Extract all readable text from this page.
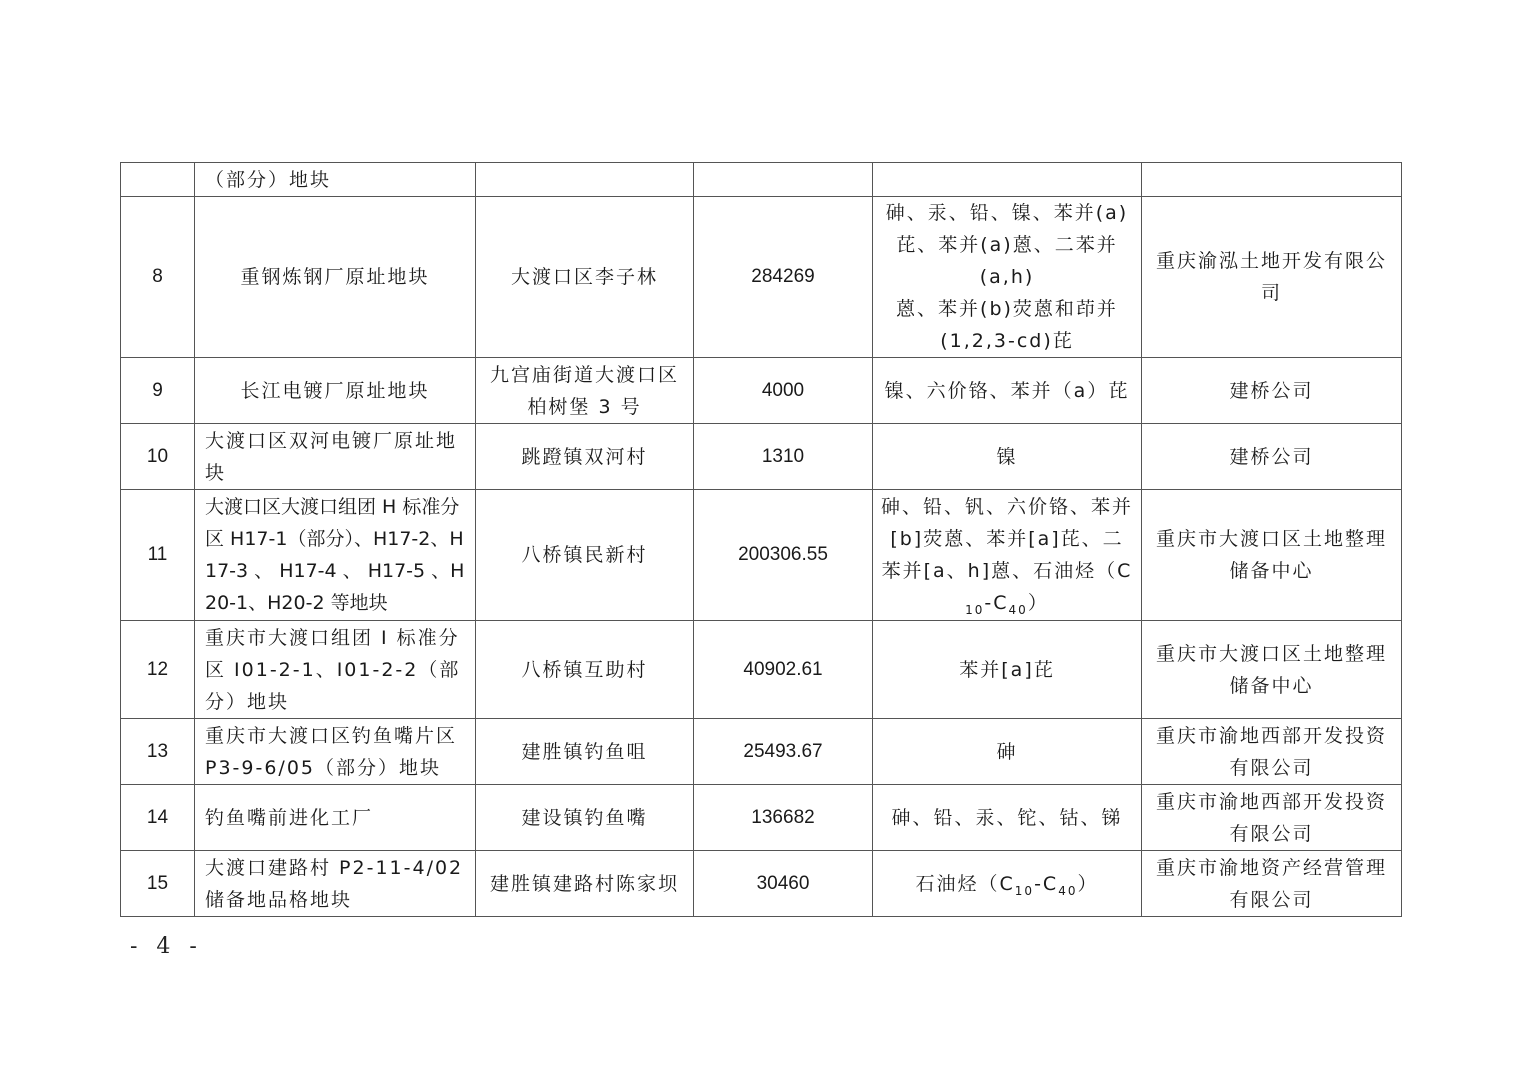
	（部分）地块				
8	重钢炼钢厂原址地块	大渡口区李子林	284269	砷、汞、铅、镍、苯并(a)
芘、苯并(a)蒽、二苯并(a,h)
蒽、苯并(b)荧蒽和茚并
(1,2,3-cd)芘	重庆渝泓土地开发有限公司
9	长江电镀厂原址地块	九宫庙街道大渡口区柏树堡 3 号	4000	镍、六价铬、苯并（a）芘	建桥公司
10	大渡口区双河电镀厂原址地块	跳蹬镇双河村	1310	镍	建桥公司
11	大渡口区大渡口组团 H 标准分区 H17-1（部分）、H17-2、H17-3 、 H17-4 、 H17-5 、H20-1、H20-2 等地块	八桥镇民新村	200306.55	砷、铅、钒、六价铬、苯并[b]荧蒽、苯并[a]芘、二苯并[a、h]蒽、石油烃$(C_{10}-C_{40})$	重庆市大渡口区土地整理储备中心
12	重庆市大渡口组团 I 标准分区 I01-2-1、I01-2-2（部分）地块	八桥镇互助村	40902.61	苯并[a]芘	重庆市大渡口区土地整理储备中心
13	重庆市大渡口区钓鱼嘴片区 P3-9-6/05（部分）地块	建胜镇钓鱼咀	25493.67	砷	重庆市渝地西部开发投资有限公司
14	钓鱼嘴前进化工厂	建设镇钓鱼嘴	136682	砷、铅、汞、铊、钴、锑	重庆市渝地西部开发投资有限公司
15	大渡口建路村 P2-11-4/02 储备地品格地块	建胜镇建路村陈家坝	30460	石油烃$(C_{10}-C_{40})$	重庆市渝地资产经营管理有限公司
- 4 -
